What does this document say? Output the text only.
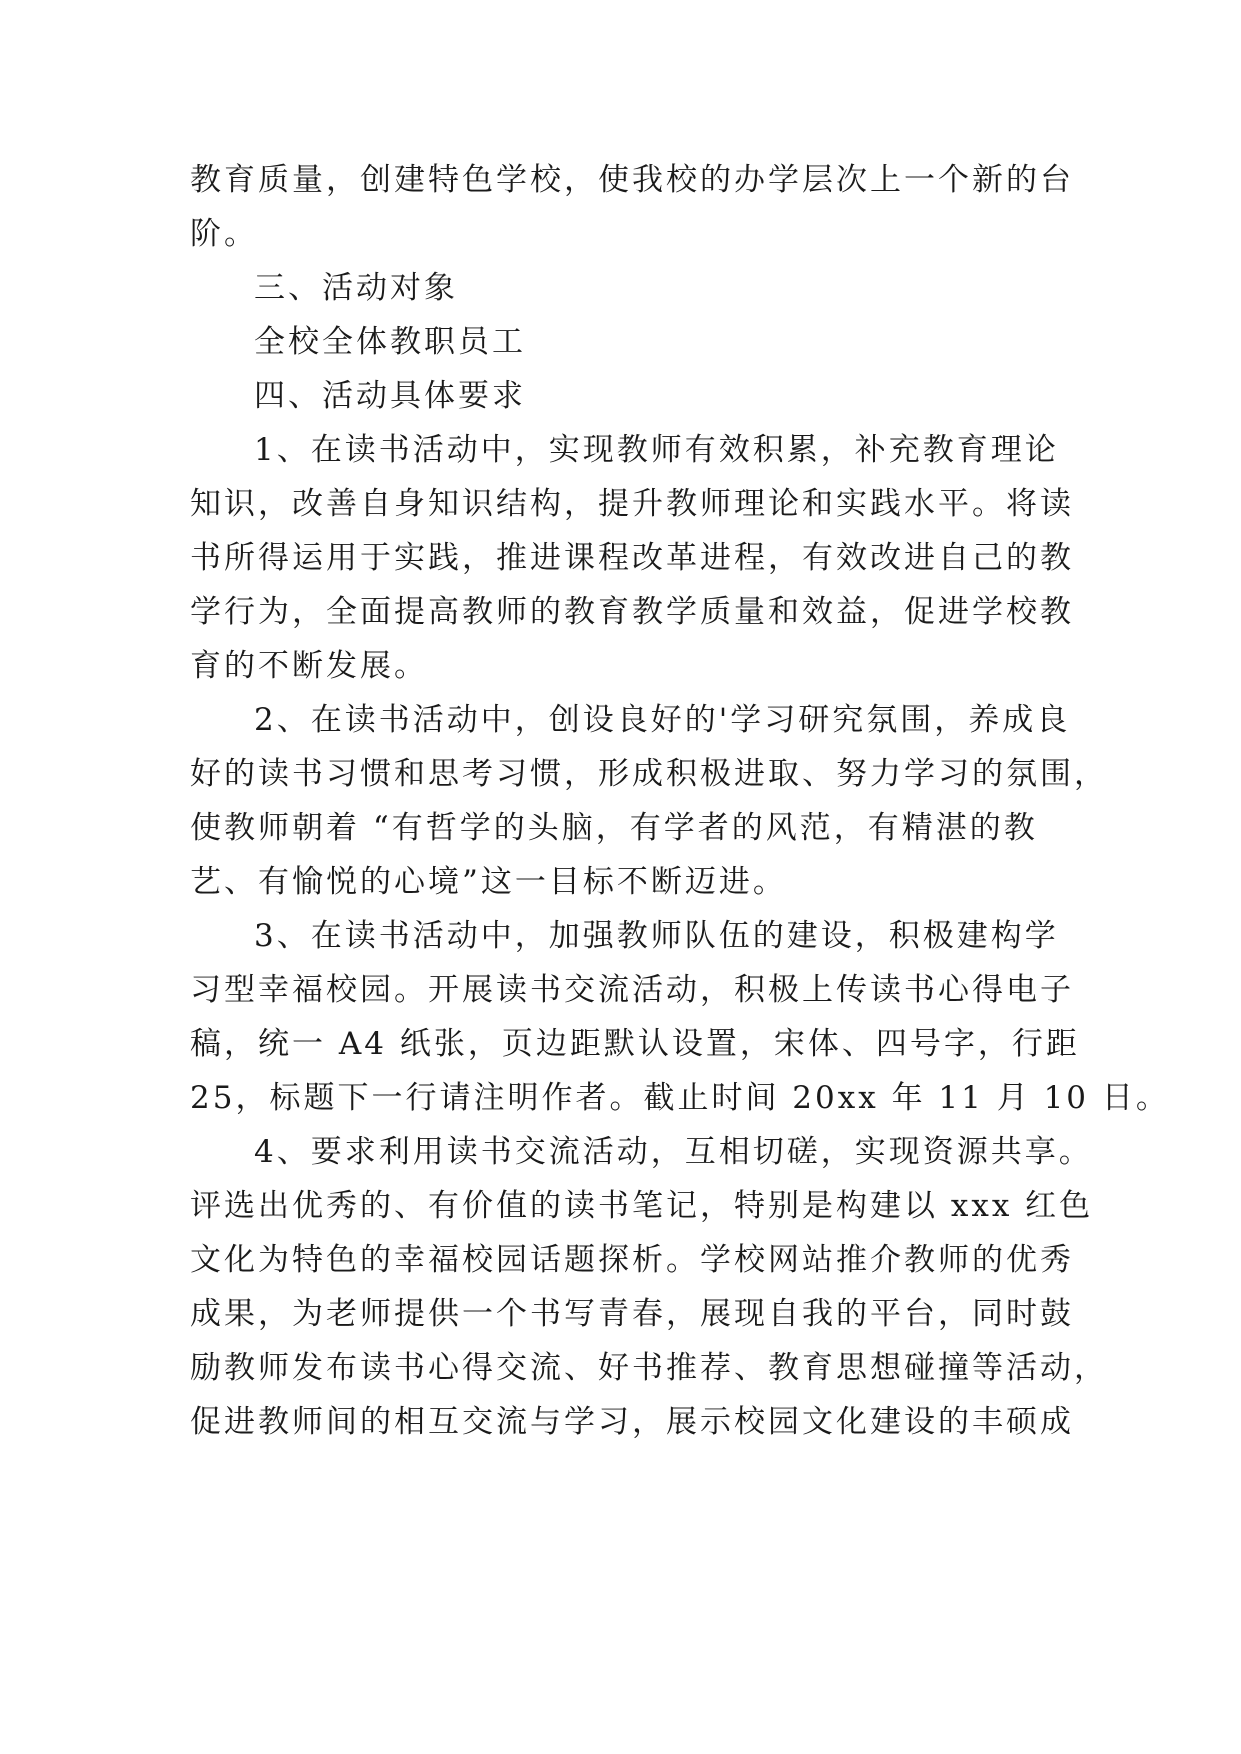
教育质量，创建特色学校，使我校的办学层次上一个新的台
阶。
三、活动对象
全校全体教职员工
四、活动具体要求
1、在读书活动中，实现教师有效积累，补充教育理论
知识，改善自身知识结构，提升教师理论和实践水平。将读
书所得运用于实践，推进课程改革进程，有效改进自己的教
学行为，全面提高教师的教育教学质量和效益，促进学校教
育的不断发展。
2、在读书活动中，创设良好的'学习研究氛围，养成良
好的读书习惯和思考习惯，形成积极进取、努力学习的氛围，
使教师朝着 “有哲学的头脑，有学者的风范，有精湛的教
艺、有愉悦的心境”这一目标不断迈进。
3、在读书活动中，加强教师队伍的建设，积极建构学
习型幸福校园。开展读书交流活动，积极上传读书心得电子
稿，统一 A4 纸张，页边距默认设置，宋体、四号字，行距
25，标题下一行请注明作者。截止时间 20xx 年 11 月 10 日。
4、要求利用读书交流活动，互相切磋，实现资源共享。
评选出优秀的、有价值的读书笔记，特别是构建以 xxx 红色
文化为特色的幸福校园话题探析。学校网站推介教师的优秀
成果，为老师提供一个书写青春，展现自我的平台，同时鼓
励教师发布读书心得交流、好书推荐、教育思想碰撞等活动，
促进教师间的相互交流与学习，展示校园文化建设的丰硕成
